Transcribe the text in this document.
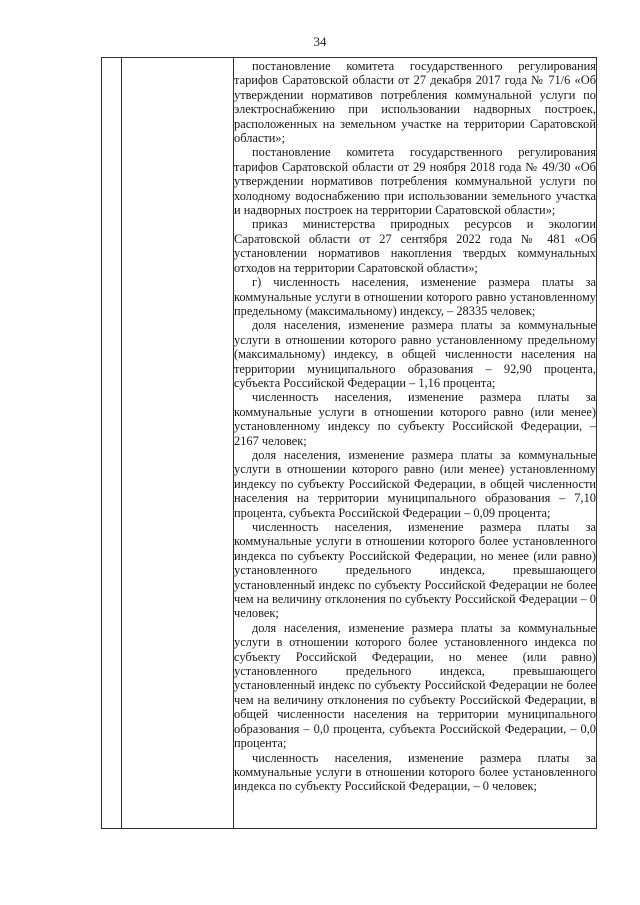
34

постановление комитета государственного регулирования тарифов Саратовской области от 27 декабря 2017 года № 71/6 «Об утверждении нормативов потребления коммунальной услуги по электроснабжению при использовании надворных построек, расположенных на земельном участке на территории Саратовской области»;

постановление комитета государственного регулирования тарифов Саратовской области от 29 ноября 2018 года № 49/30 «Об утверждении нормативов потребления коммунальной услуги по холодному водоснабжению при использовании земельного участка и надворных построек на территории Саратовской области»;

приказ министерства природных ресурсов и экологии Саратовской области от 27 сентября 2022 года № 481 «Об установлении нормативов накопления твердых коммунальных отходов на территории Саратовской области»;

г) численность населения, изменение размера платы за коммунальные услуги в отношении которого равно установленному предельному (максимальному) индексу, – 28335 человек;

доля населения, изменение размера платы за коммунальные услуги в отношении которого равно установленному предельному (максимальному) индексу, в общей численности населения на территории муниципального образования – 92,90 процента, субъекта Российской Федерации – 1,16 процента;

численность населения, изменение размера платы за коммунальные услуги в отношении которого равно (или менее) установленному индексу по субъекту Российской Федерации, – 2167 человек;

доля населения, изменение размера платы за коммунальные услуги в отношении которого равно (или менее) установленному индексу по субъекту Российской Федерации, в общей численности населения на территории муниципального образования – 7,10 процента, субъекта Российской Федерации – 0,09 процента;

численность населения, изменение размера платы за коммунальные услуги в отношении которого более установленного индекса по субъекту Российской Федерации, но менее (или равно) установленного предельного индекса, превышающего установленный индекс по субъекту Российской Федерации не более чем на величину отклонения по субъекту Российской Федерации – 0 человек;

доля населения, изменение размера платы за коммунальные услуги в отношении которого более установленного индекса по субъекту Российской Федерации, но менее (или равно) установленного предельного индекса, превышающего установленный индекс по субъекту Российской Федерации не более чем на величину отклонения по субъекту Российской Федерации, в общей численности населения на территории муниципального образования – 0,0 процента, субъекта Российской Федерации, – 0,0 процента;

численность населения, изменение размера платы за коммунальные услуги в отношении которого более установленного индекса по субъекту Российской Федерации, – 0 человек;
